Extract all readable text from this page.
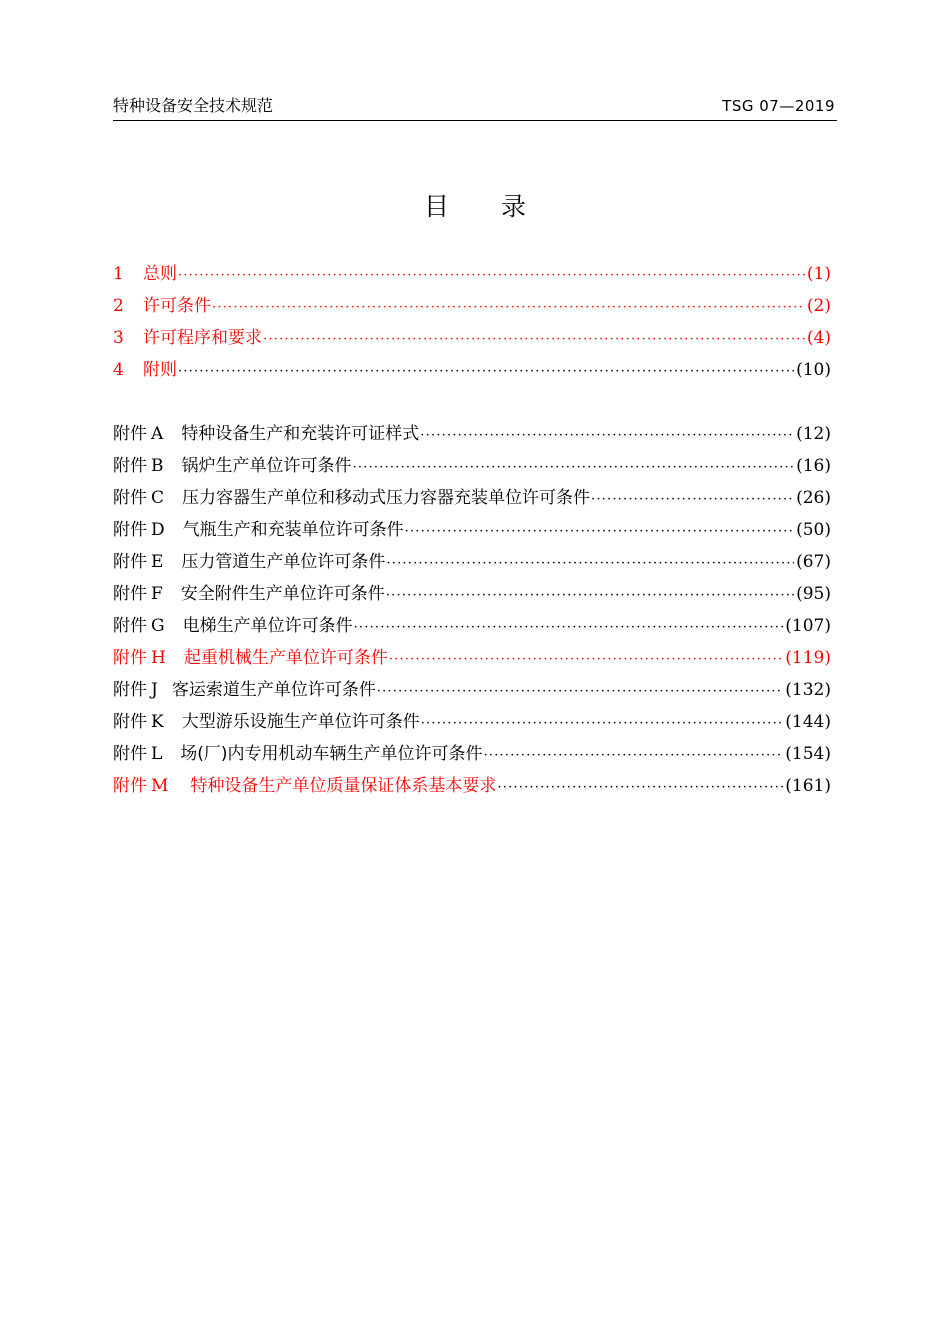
特种设备安全技术规范	TSG 07—2019
目录
1	总则 ·····	(1)
2	许可条件 ·····	(2)
3	许可程序和要求 ·····	(4)
4	附则 ·····	(10)
附件 A	特种设备生产和充装许可证样式 ·····	(12)
附件 B	锅炉生产单位许可条件 ·····	(16)
附件 C	压力容器生产单位和移动式压力容器充装单位许可条件 ·····	(26)
附件 D	气瓶生产和充装单位许可条件 ·····	(50)
附件 E	压力管道生产单位许可条件 ·····	(67)
附件 F	安全附件生产单位许可条件 ·····	(95)
附件 G	电梯生产单位许可条件 ·····	(107)
附件 H	起重机械生产单位许可条件 ·····	(119)
附件 J 客运索道生产单位许可条件 ·····	(132)
附件 K	大型游乐设施生产单位许可条件 ·····	(144)
附件 L	场(厂)内专用机动车辆生产单位许可条件 ·····	(154)
附件 M	特种设备生产单位质量保证体系基本要求 ·····	(161)
